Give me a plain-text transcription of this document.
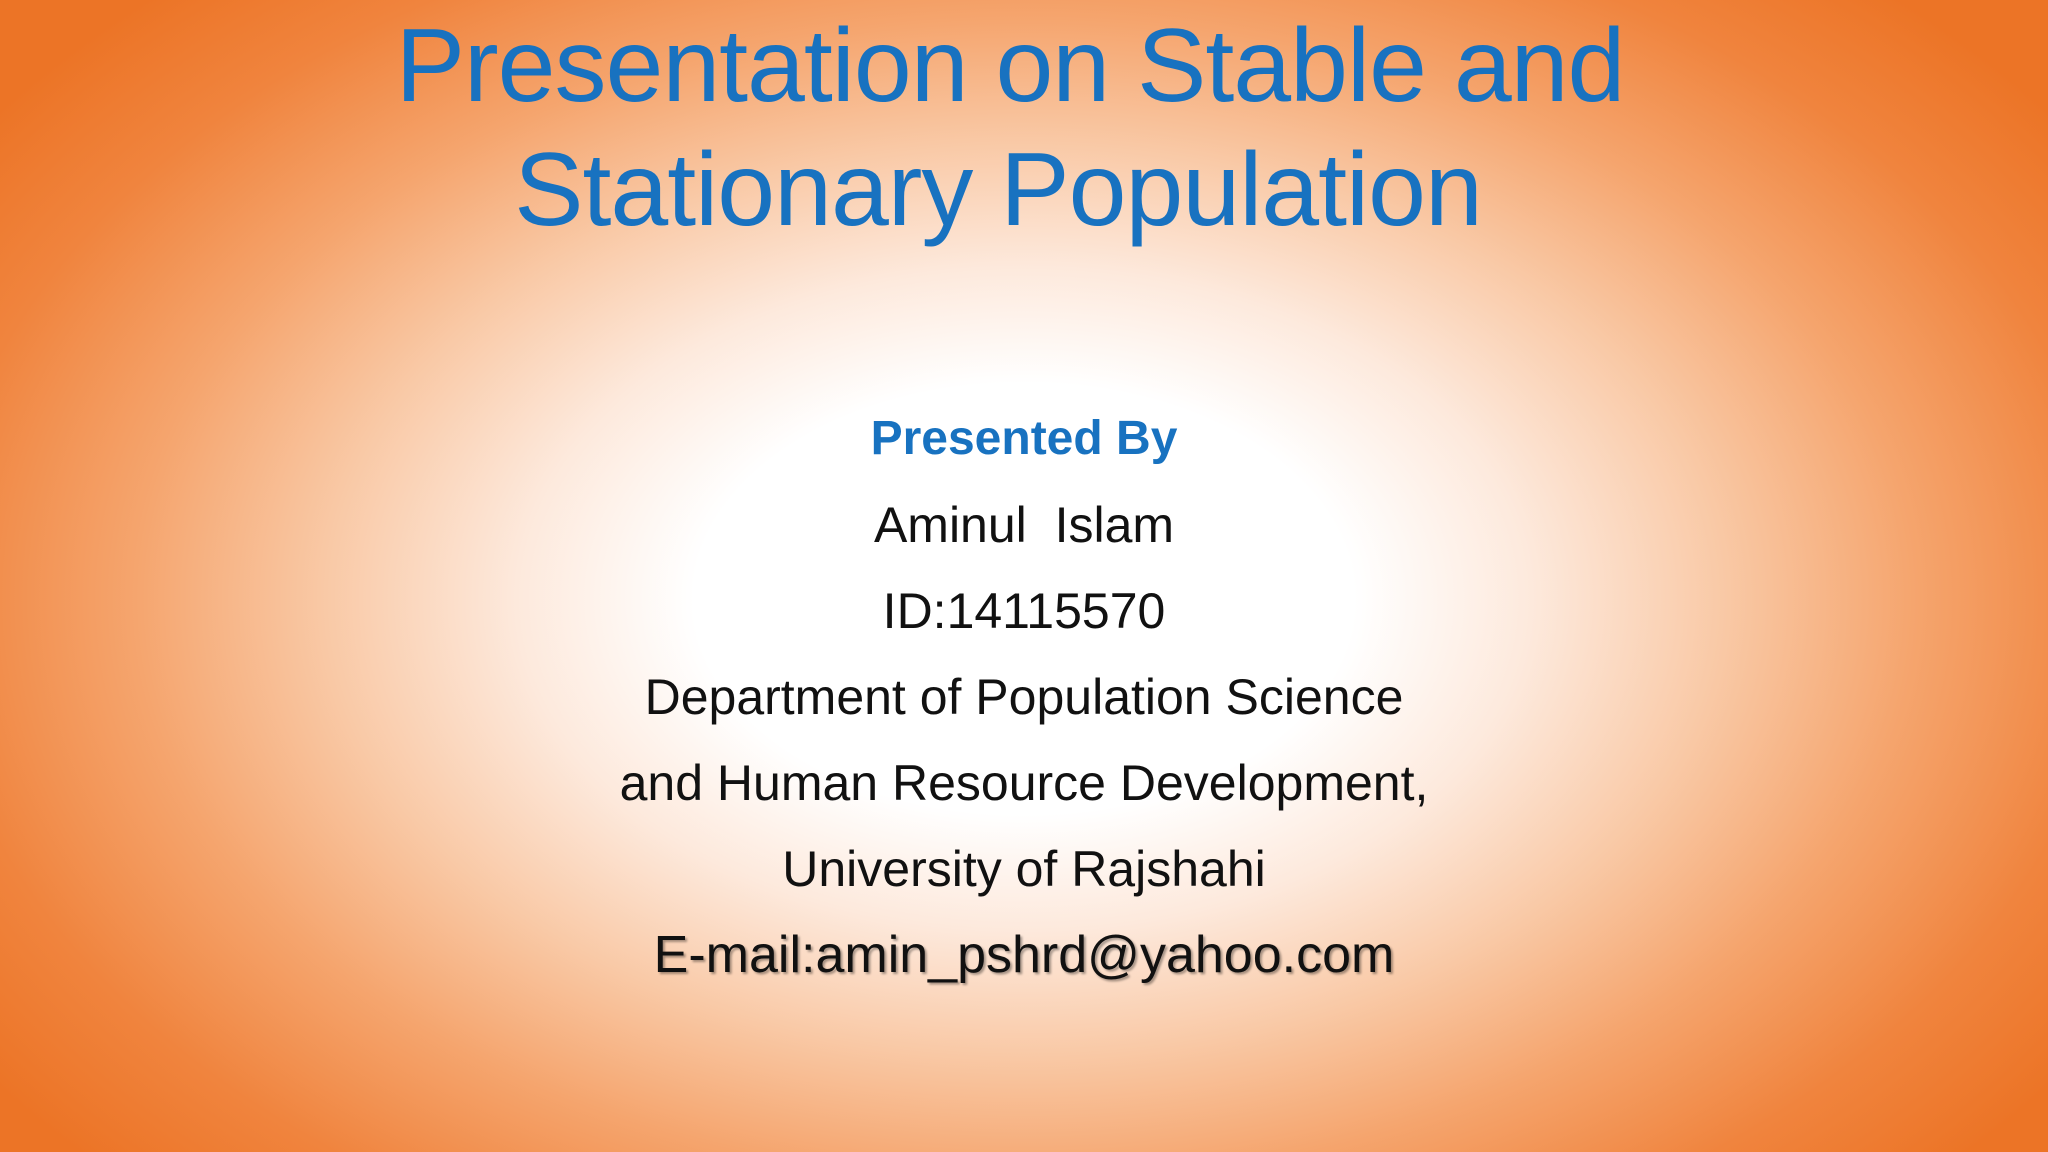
Presentation on Stable and
Stationary Population
Presented By
Aminul  Islam
ID:14115570
Department of Population Science
and Human Resource Development,
University of Rajshahi
E-mail:amin_pshrd@yahoo.com
